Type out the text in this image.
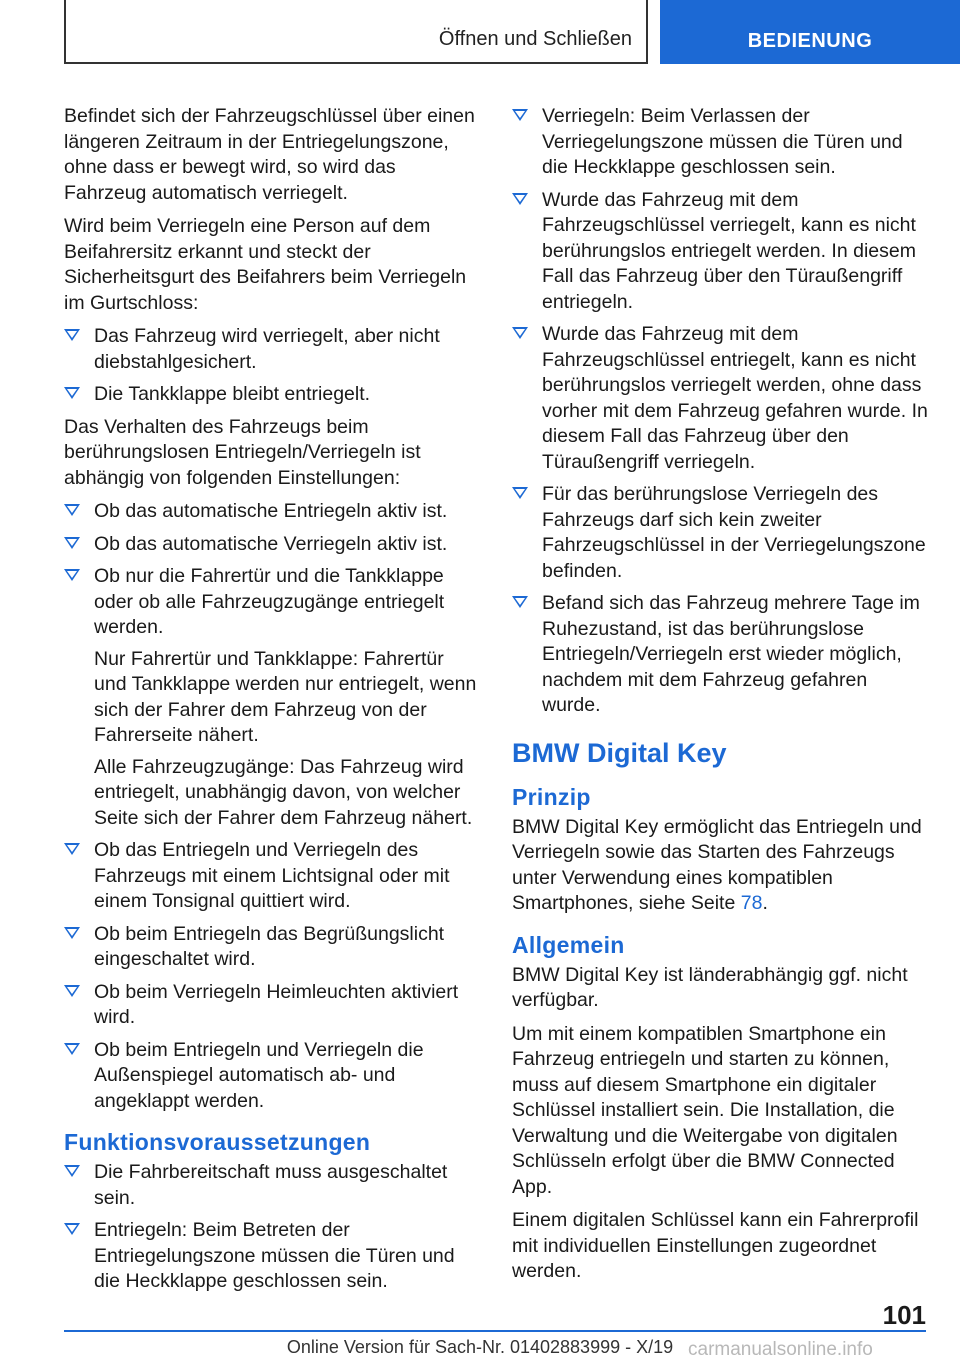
Öffnen und Schließen	BEDIENUNG

Befindet sich der Fahrzeugschlüssel über einen längeren Zeitraum in der Entriegelungszone, ohne dass er bewegt wird, so wird das Fahrzeug automatisch verriegelt.

Wird beim Verriegeln eine Person auf dem Beifahrersitz erkannt und steckt der Sicherheitsgurt des Beifahrers beim Verriegeln im Gurtschloss:

Das Fahrzeug wird verriegelt, aber nicht diebstahlgesichert.
Die Tankklappe bleibt entriegelt.

Das Verhalten des Fahrzeugs beim berührungslosen Entriegeln/Verriegeln ist abhängig von folgenden Einstellungen:

Ob das automatische Entriegeln aktiv ist.
Ob das automatische Verriegeln aktiv ist.

Ob nur die Fahrertür und die Tankklappe oder ob alle Fahrzeugzugänge entriegelt werden.

Nur Fahrertür und Tankklappe: Fahrertür und Tankklappe werden nur entriegelt, wenn sich der Fahrer dem Fahrzeug von der Fahrerseite nähert.

Alle Fahrzeugzugänge: Das Fahrzeug wird entriegelt, unabhängig davon, von welcher Seite sich der Fahrer dem Fahrzeug nähert.

Ob das Entriegeln und Verriegeln des Fahrzeugs mit einem Lichtsignal oder mit einem Tonsignal quittiert wird.
Ob beim Entriegeln das Begrüßungslicht eingeschaltet wird.
Ob beim Verriegeln Heimleuchten aktiviert wird.
Ob beim Entriegeln und Verriegeln die Außenspiegel automatisch ab- und angeklappt werden.
Funktionsvoraussetzungen
Die Fahrbereitschaft muss ausgeschaltet sein.
Entriegeln: Beim Betreten der Entriegelungszone müssen die Türen und die Heckklappe geschlossen sein.
Verriegeln: Beim Verlassen der Verriegelungszone müssen die Türen und die Heckklappe geschlossen sein.
Wurde das Fahrzeug mit dem Fahrzeugschlüssel verriegelt, kann es nicht berührungslos entriegelt werden. In diesem Fall das Fahrzeug über den Türaußengriff entriegeln.
Wurde das Fahrzeug mit dem Fahrzeugschlüssel entriegelt, kann es nicht berührungslos verriegelt werden, ohne dass vorher mit dem Fahrzeug gefahren wurde. In diesem Fall das Fahrzeug über den Türaußengriff verriegeln.
Für das berührungslose Verriegeln des Fahrzeugs darf sich kein zweiter Fahrzeugschlüssel in der Verriegelungszone befinden.
Befand sich das Fahrzeug mehrere Tage im Ruhezustand, ist das berührungslose Entriegeln/Verriegeln erst wieder möglich, nachdem mit dem Fahrzeug gefahren wurde.
BMW Digital Key
Prinzip

BMW Digital Key ermöglicht das Entriegeln und Verriegeln sowie das Starten des Fahrzeugs unter Verwendung eines kompatiblen Smartphones, siehe Seite 78.

Allgemein

BMW Digital Key ist länderabhängig ggf. nicht verfügbar.

Um mit einem kompatiblen Smartphone ein Fahrzeug entriegeln und starten zu können, muss auf diesem Smartphone ein digitaler Schlüssel installiert sein. Die Installation, die Verwaltung und die Weitergabe von digitalen Schlüsseln erfolgt über die BMW Connected App.

Einem digitalen Schlüssel kann ein Fahrerprofil mit individuellen Einstellungen zugeordnet werden.

101
Online Version für Sach-Nr. 01402883999 - X/19 carmanualsonline.info
